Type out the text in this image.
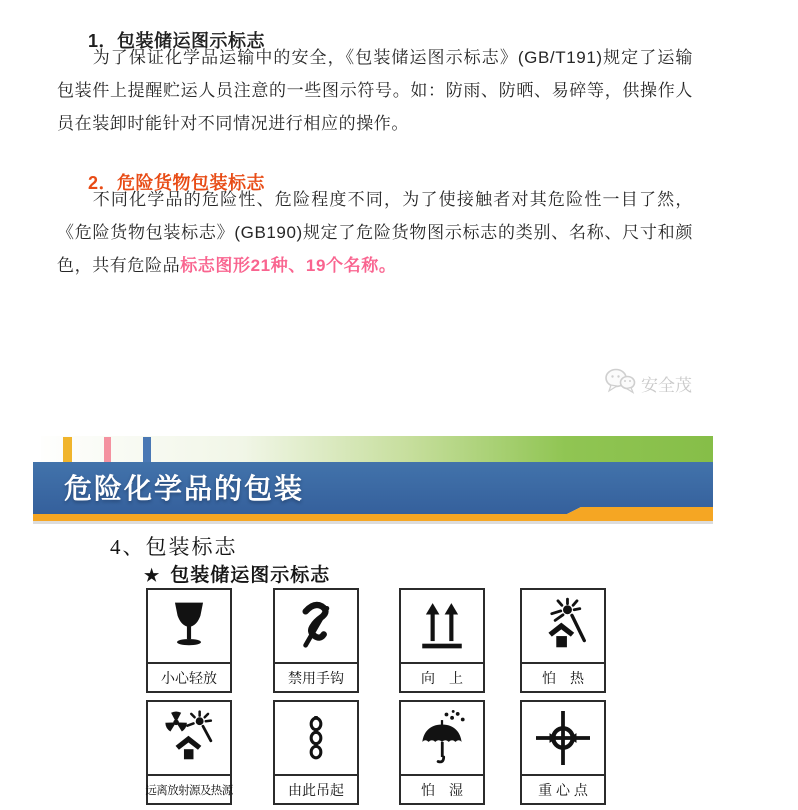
1．包装储运图示标志

为了保证化学品运输中的安全，《包装储运图示标志》(GB/T191)规定了运输包装件上提醒贮运人员注意的一些图示符号。如：防雨、防晒、易碎等，供操作人员在装卸时能针对不同情况进行相应的操作。

2．危险货物包装标志

不同化学品的危险性、危险程度不同，为了使接触者对其危险性一目了然，《危险货物包装标志》(GB190)规定了危险货物图示标志的类别、名称、尺寸和颜色，共有危险品标志图形21种、19个名称。

安全茂
危险化学品的包装
4、包装标志
★ 包装储运图示标志
小心轻放	禁用手钩	向　上	怕　热
远离放射源及热源	由此吊起	怕　湿	重 心 点
